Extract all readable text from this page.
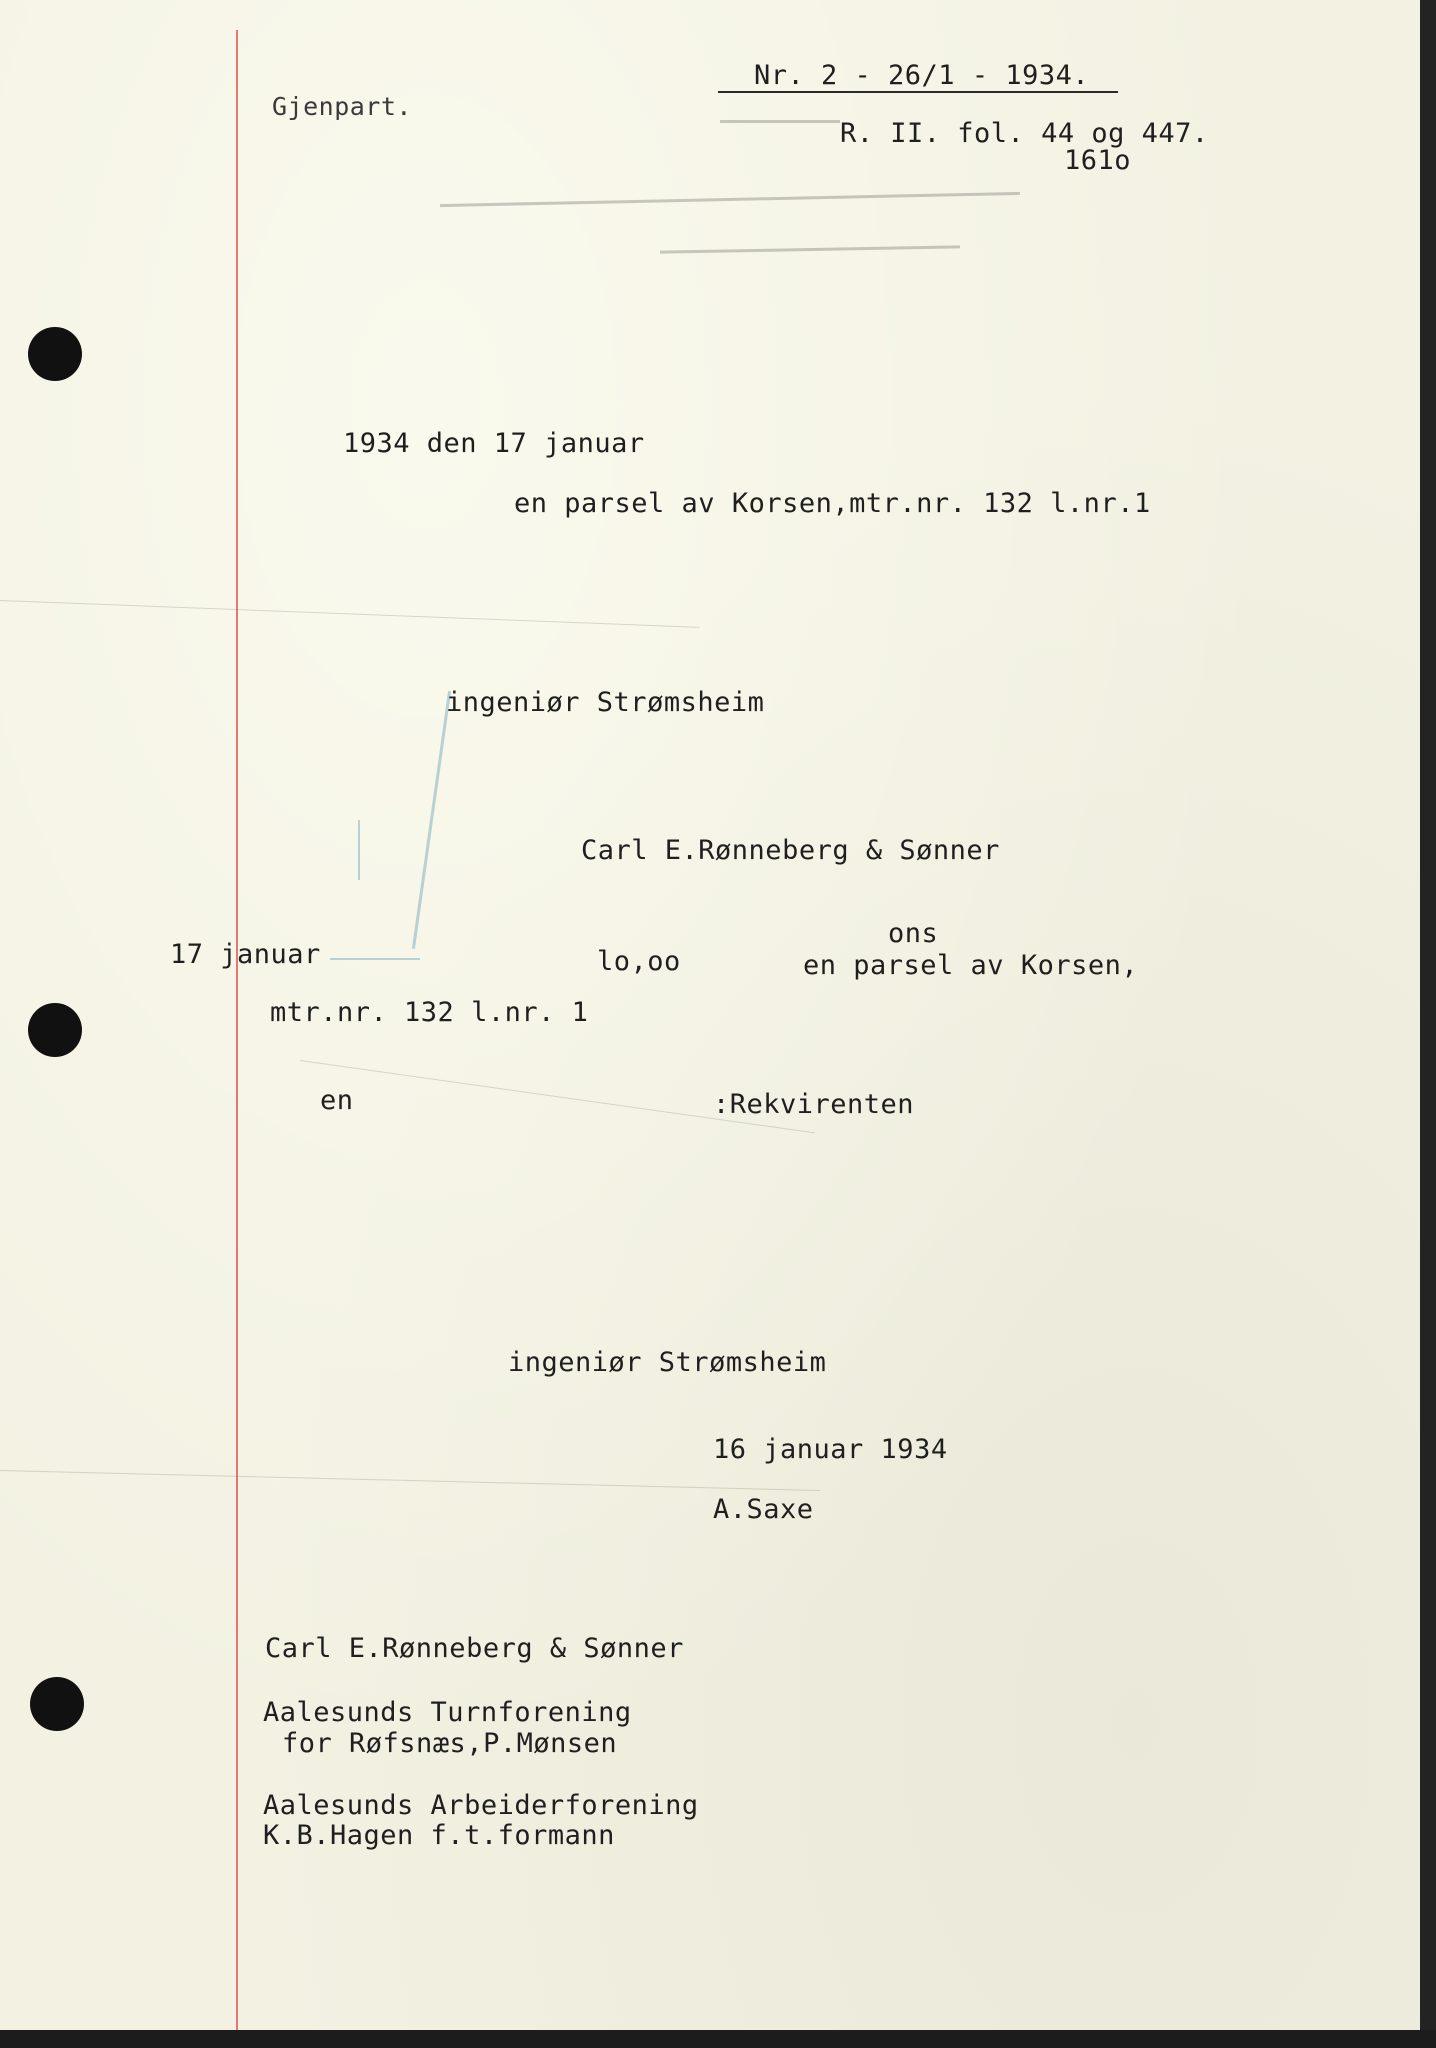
Gjenpart.
Nr. 2 - 26/1 - 1934.
R. II. fol. 44 og 447.
161o
1934 den 17 januar
en parsel av Korsen,mtr.nr. 132 l.nr.1
ingeniør Strømsheim
Carl E.Rønneberg & Sønner
ons
17 januar	lo,oo	en parsel av Korsen,
mtr.nr. 132 l.nr. 1
en	:Rekvirenten
ingeniør Strømsheim
16 januar 1934
A.Saxe
Carl E.Rønneberg & Sønner
Aalesunds Turnforening
for Røfsnæs,P.Mønsen
Aalesunds Arbeiderforening
K.B.Hagen f.t.formann
